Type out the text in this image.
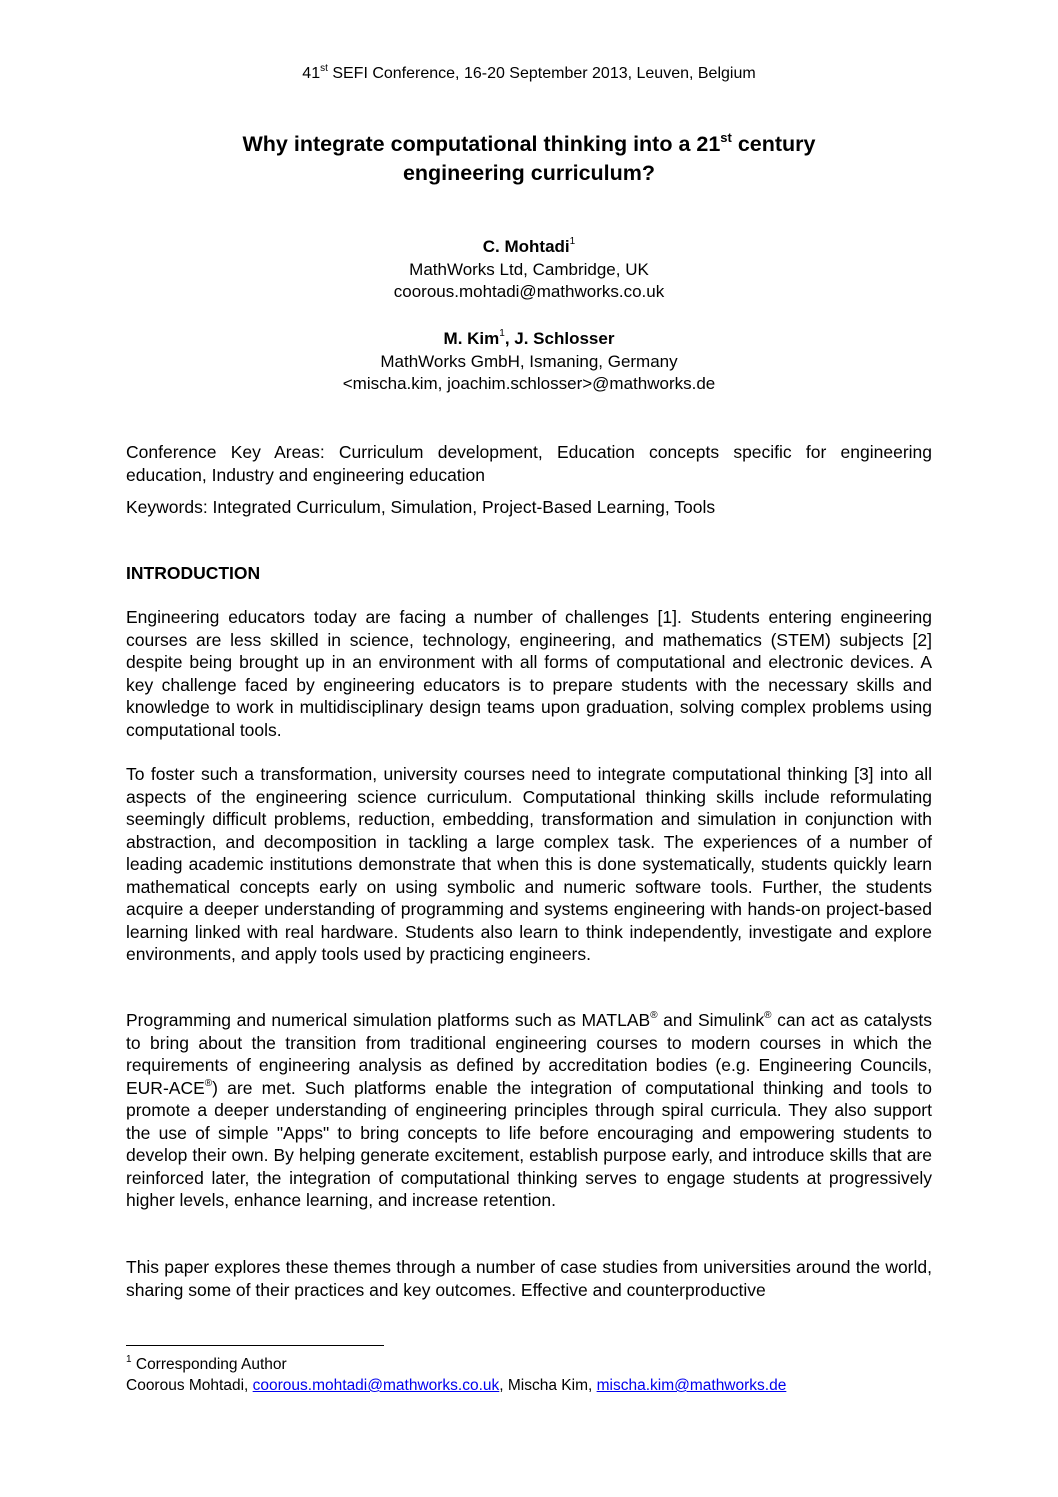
41st SEFI Conference, 16-20 September 2013, Leuven, Belgium
Why integrate computational thinking into a 21st century
engineering curriculum?
C. Mohtadi$^1$
MathWorks Ltd, Cambridge, UK
coorous.mohtadi@mathworks.co.uk
M. Kim$^1$, J. Schlosser
MathWorks GmbH, Ismaning, Germany
<mischa.kim, joachim.schlosser>@mathworks.de
Conference Key Areas: Curriculum development, Education concepts specific for engineering education, Industry and engineering education
Keywords: Integrated Curriculum, Simulation, Project-Based Learning, Tools
INTRODUCTION

Engineering educators today are facing a number of challenges [1]. Students entering engineering courses are less skilled in science, technology, engineering, and mathematics (STEM) subjects [2] despite being brought up in an environment with all forms of computational and electronic devices. A key challenge faced by engineering educators is to prepare students with the necessary skills and knowledge to work in multidisciplinary design teams upon graduation, solving complex problems using computational tools.

To foster such a transformation, university courses need to integrate computational thinking [3] into all aspects of the engineering science curriculum. Computational thinking skills include reformulating seemingly difficult problems, reduction, embedding, transformation and simulation in conjunction with abstraction, and decomposition in tackling a large complex task. The experiences of a number of leading academic institutions demonstrate that when this is done systematically, students quickly learn mathematical concepts early on using symbolic and numeric software tools. Further, the students acquire a deeper understanding of programming and systems engineering with hands-on project-based learning linked with real hardware. Students also learn to think independently, investigate and explore environments, and apply tools used by practicing engineers.

Programming and numerical simulation platforms such as MATLAB® and Simulink® can act as catalysts to bring about the transition from traditional engineering courses to modern courses in which the requirements of engineering analysis as defined by accreditation bodies (e.g. Engineering Councils, EUR-ACE®) are met. Such platforms enable the integration of computational thinking and tools to promote a deeper understanding of engineering principles through spiral curricula. They also support the use of simple "Apps" to bring concepts to life before encouraging and empowering students to develop their own. By helping generate excitement, establish purpose early, and introduce skills that are reinforced later, the integration of computational thinking serves to engage students at progressively higher levels, enhance learning, and increase retention.

This paper explores these themes through a number of case studies from universities around the world, sharing some of their practices and key outcomes. Effective and counterproductive

$^1$ Corresponding Author
Coorous Mohtadi, coorous.mohtadi@mathworks.co.uk, Mischa Kim, mischa.kim@mathworks.de
